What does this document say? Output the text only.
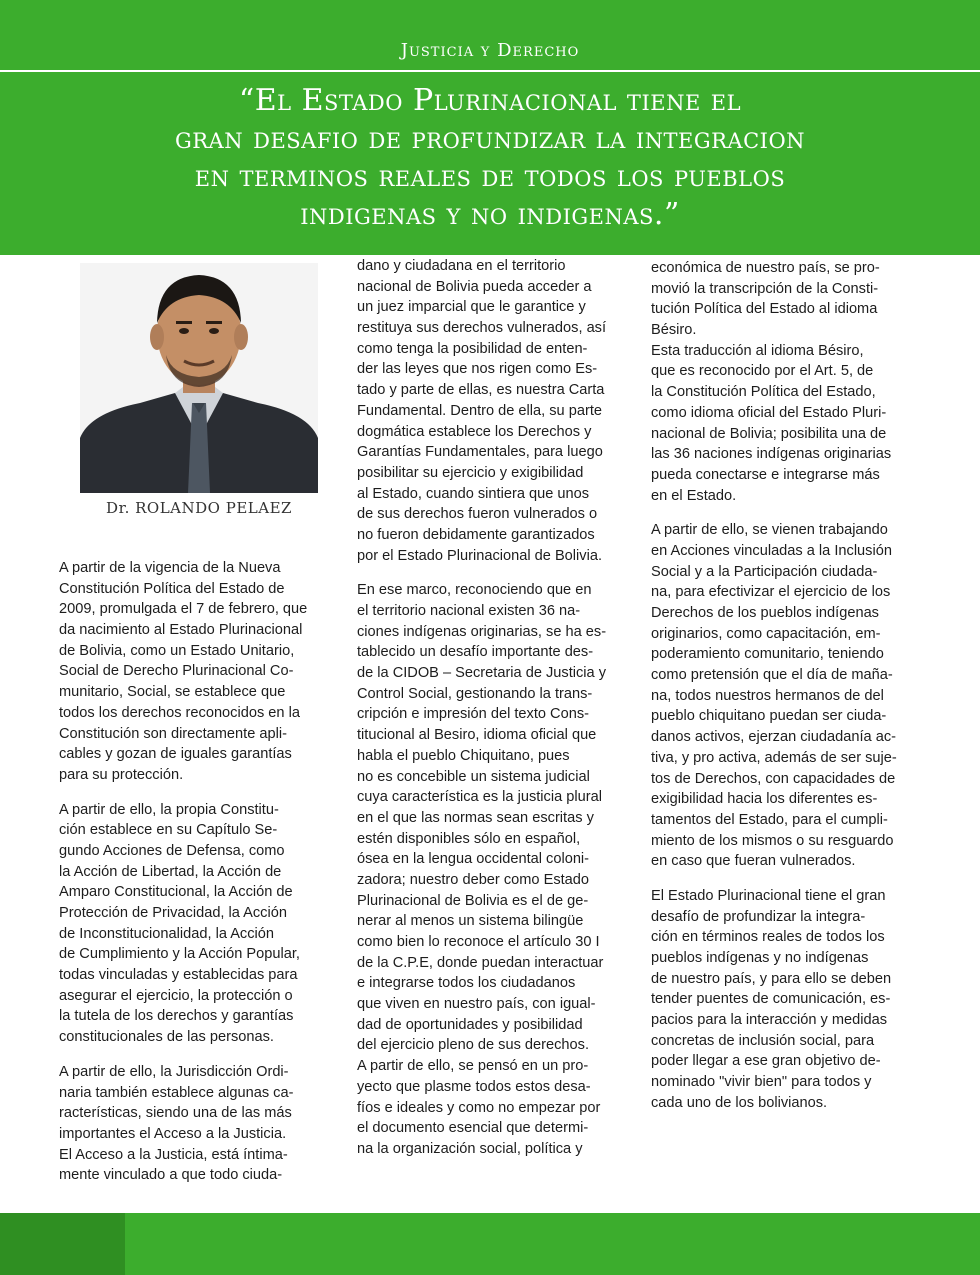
Justicia y Derecho
“El Estado Plurinacional tiene el
gran desafio de profundizar la integracion
en terminos reales de todos los pueblos
indigenas y no indigenas.”
Dr. ROLANDO PELAEZ
A partir de la vigencia de la Nueva
Constitución Política del Estado de
2009, promulgada el 7 de febrero, que
da nacimiento al Estado Plurinacional
de Bolivia, como un Estado Unitario,
Social de Derecho Plurinacional Co-
munitario, Social, se establece que
todos los derechos reconocidos en la
Constitución son directamente apli-
cables y gozan de iguales garantías
para su protección.
A partir de ello, la propia Constitu-
ción establece en su Capítulo Se-
gundo Acciones de Defensa, como
la Acción de Libertad, la Acción de
Amparo Constitucional, la Acción de
Protección de Privacidad, la Acción
de Inconstitucionalidad, la Acción
de Cumplimiento y la Acción Popular,
todas vinculadas y establecidas para
asegurar el ejercicio, la protección o
la tutela de los derechos y garantías
constitucionales de las personas.
A partir de ello, la Jurisdicción Ordi-
naria también establece algunas ca-
racterísticas, siendo una de las más
importantes el Acceso a la Justicia.
El Acceso a la Justicia, está íntima-
mente vinculado a que todo ciuda-
dano y ciudadana en el territorio
nacional de Bolivia pueda acceder a
un juez imparcial que le garantice y
restituya sus derechos vulnerados, así
como tenga la posibilidad de enten-
der las leyes que nos rigen como Es-
tado y parte de ellas, es nuestra Carta
Fundamental. Dentro de ella, su parte
dogmática establece los Derechos y
Garantías Fundamentales, para luego
posibilitar su ejercicio y exigibilidad
al Estado, cuando sintiera que unos
de sus derechos fueron vulnerados o
no fueron debidamente garantizados
por el Estado Plurinacional de Bolivia.
En ese marco, reconociendo que en
el territorio nacional existen 36 na-
ciones indígenas originarias, se ha es-
tablecido un desafío importante des-
de la CIDOB – Secretaria de Justicia y
Control Social, gestionando la trans-
cripción e impresión del texto Cons-
titucional al Besiro, idioma oficial que
habla el pueblo Chiquitano, pues
no es concebible un sistema judicial
cuya característica es la justicia plural
en el que las normas sean escritas y
estén disponibles sólo en español,
ósea en la lengua occidental coloni-
zadora; nuestro deber como Estado
Plurinacional de Bolivia es el de ge-
nerar al menos un sistema bilingüe
como bien lo reconoce el artículo 30 I
de la C.P.E, donde puedan interactuar
e integrarse todos los ciudadanos
que viven en nuestro país, con igual-
dad de oportunidades y posibilidad
del ejercicio pleno de sus derechos.
A partir de ello, se pensó en un pro-
yecto que plasme todos estos desa-
fíos e ideales y como no empezar por
el documento esencial que determi-
na la organización social, política y
económica de nuestro país, se pro-
movió la transcripción de la Consti-
tución Política del Estado al idioma
Bésiro.
Esta traducción al idioma Bésiro,
que es reconocido por el Art. 5, de
la Constitución Política del Estado,
como idioma oficial del Estado Pluri-
nacional de Bolivia; posibilita una de
las 36 naciones indígenas originarias
pueda conectarse e integrarse más
en el Estado.
A partir de ello, se vienen trabajando
en Acciones vinculadas a la Inclusión
Social y a la Participación ciudada-
na, para efectivizar el ejercicio de los
Derechos de los pueblos indígenas
originarios, como capacitación, em-
poderamiento comunitario, teniendo
como pretensión que el día de maña-
na, todos nuestros hermanos de del
pueblo chiquitano puedan ser ciuda-
danos activos, ejerzan ciudadanía ac-
tiva, y pro activa, además de ser suje-
tos de Derechos, con capacidades de
exigibilidad hacia los diferentes es-
tamentos del Estado, para el cumpli-
miento de los mismos o su resguardo
en caso que fueran vulnerados.
El Estado Plurinacional tiene el gran
desafío de profundizar la integra-
ción en términos reales de todos los
pueblos indígenas y no indígenas
de nuestro país, y para ello se deben
tender puentes de comunicación, es-
pacios para la interacción y medidas
concretas de inclusión social, para
poder llegar a ese gran objetivo de-
nominado "vivir bien" para todos y
cada uno de los bolivianos.
